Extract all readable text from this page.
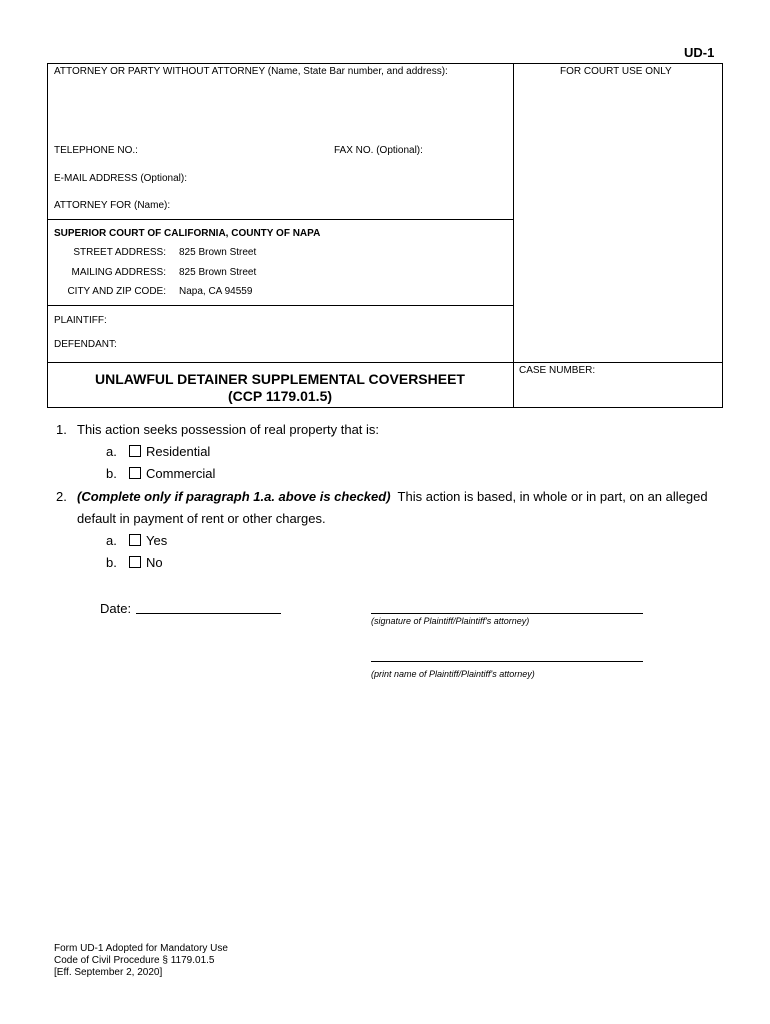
UD-1
ATTORNEY OR PARTY WITHOUT ATTORNEY (Name, State Bar number, and address):	FOR COURT USE ONLY
TELEPHONE NO.:	FAX NO. (Optional):
E-MAIL ADDRESS (Optional):
ATTORNEY FOR (Name):
SUPERIOR COURT OF CALIFORNIA, COUNTY OF NAPA
STREET ADDRESS: 825 Brown Street
MAILING ADDRESS: 825 Brown Street
CITY AND ZIP CODE: Napa, CA 94559
PLAINTIFF:
DEFENDANT:
UNLAWFUL DETAINER SUPPLEMENTAL COVERSHEET
(CCP 1179.01.5)
CASE NUMBER:
1. This action seeks possession of real property that is:
a. Residential
b. Commercial
2. (Complete only if paragraph 1.a. above is checked) This action is based, in whole or in part, on an alleged
default in payment of rent or other charges.
a. Yes
b. No
Date:
(signature of Plaintiff/Plaintiff's attorney)
(print name of Plaintiff/Plaintiff's attorney)
Form UD-1 Adopted for Mandatory Use
Code of Civil Procedure § 1179.01.5
[Eff. September 2, 2020]
